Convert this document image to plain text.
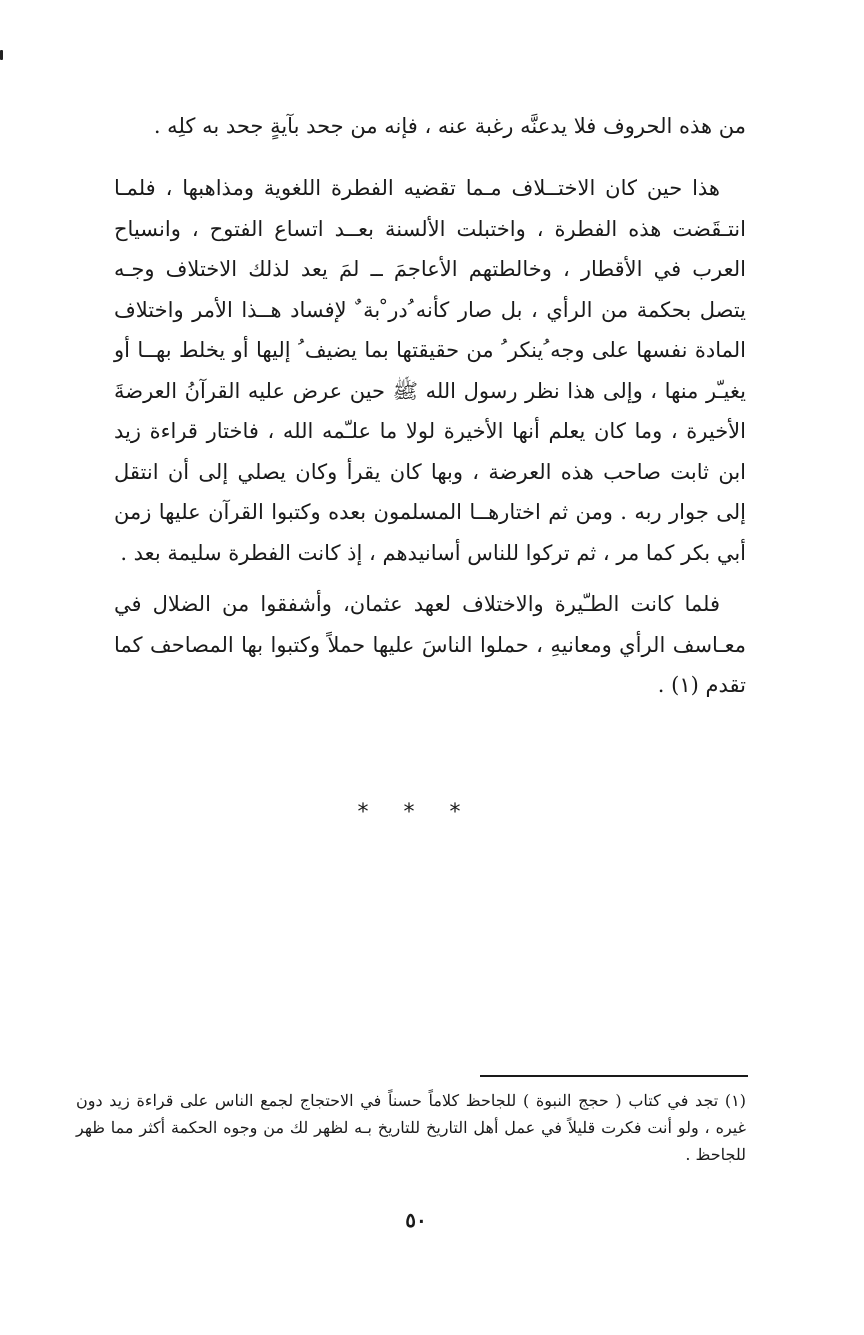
من هذه الحروف فلا يدعنَّه رغبة عنه ، فإنه من جحد بآيةٍ جحد به كلِه .

هذا حين كان الاختــلاف مـما تقضيه الفطرة اللغوية ومذاهبها ، فلمـا انتـقَضت هذه الفطرة ، واختبلت الألسنة بعــد اتساع الفتوح ، وانسياح العرب في الأقطار ، وخالطتهم الأعاجمَ ــ لمَ يعد لذلك الاختلاف وجـه يتصل بحكمة من الرأي ، بل صار كأنه ُدر ْبة ٌ لإفساد هــذا الأمر واختلاف المادة نفسها على وجه ُينكر ُ من حقيقتها بما يضيف ُ إليها أو يخلط بهــا أو يغيـّر منها ، وإلى هذا نظر رسول الله ﷺ حين عرض عليه القرآنُ العرضةَ الأخيرة ، وما كان يعلم أنها الأخيرة لولا ما علـّمه الله ، فاختار قراءة زيد ابن ثابت صاحب هذه العرضة ، وبها كان يقرأ وكان يصلي إلى أن انتقل إلى جوار ربه . ومن ثم اختارهــا المسلمون بعده وكتبوا القرآن عليها زمن أبي بكر كما مر ، ثم تركوا للناس أسانيدهم ، إذ كانت الفطرة سليمة بعد .

فلما كانت الطـّيرة والاختلاف لعهد عثمان، وأشفقوا من الضلال في معـاسف الرأي ومعانيهِ ، حملوا الناسَ عليها حملاً وكتبوا بها المصاحف كما تقدم (١) .

* * *

(١) تجد في كتاب ( حجج النبوة ) للجاحظ كلاماً حسناً في الاحتجاج لجمع الناس على قراءة زيد دون غيره ، ولو أنت فكرت قليلاً في عمل أهل التاريخ للتاريخ بـه لظهر لك من وجوه الحكمة أكثر مما ظهر للجاحظ .

٥٠
